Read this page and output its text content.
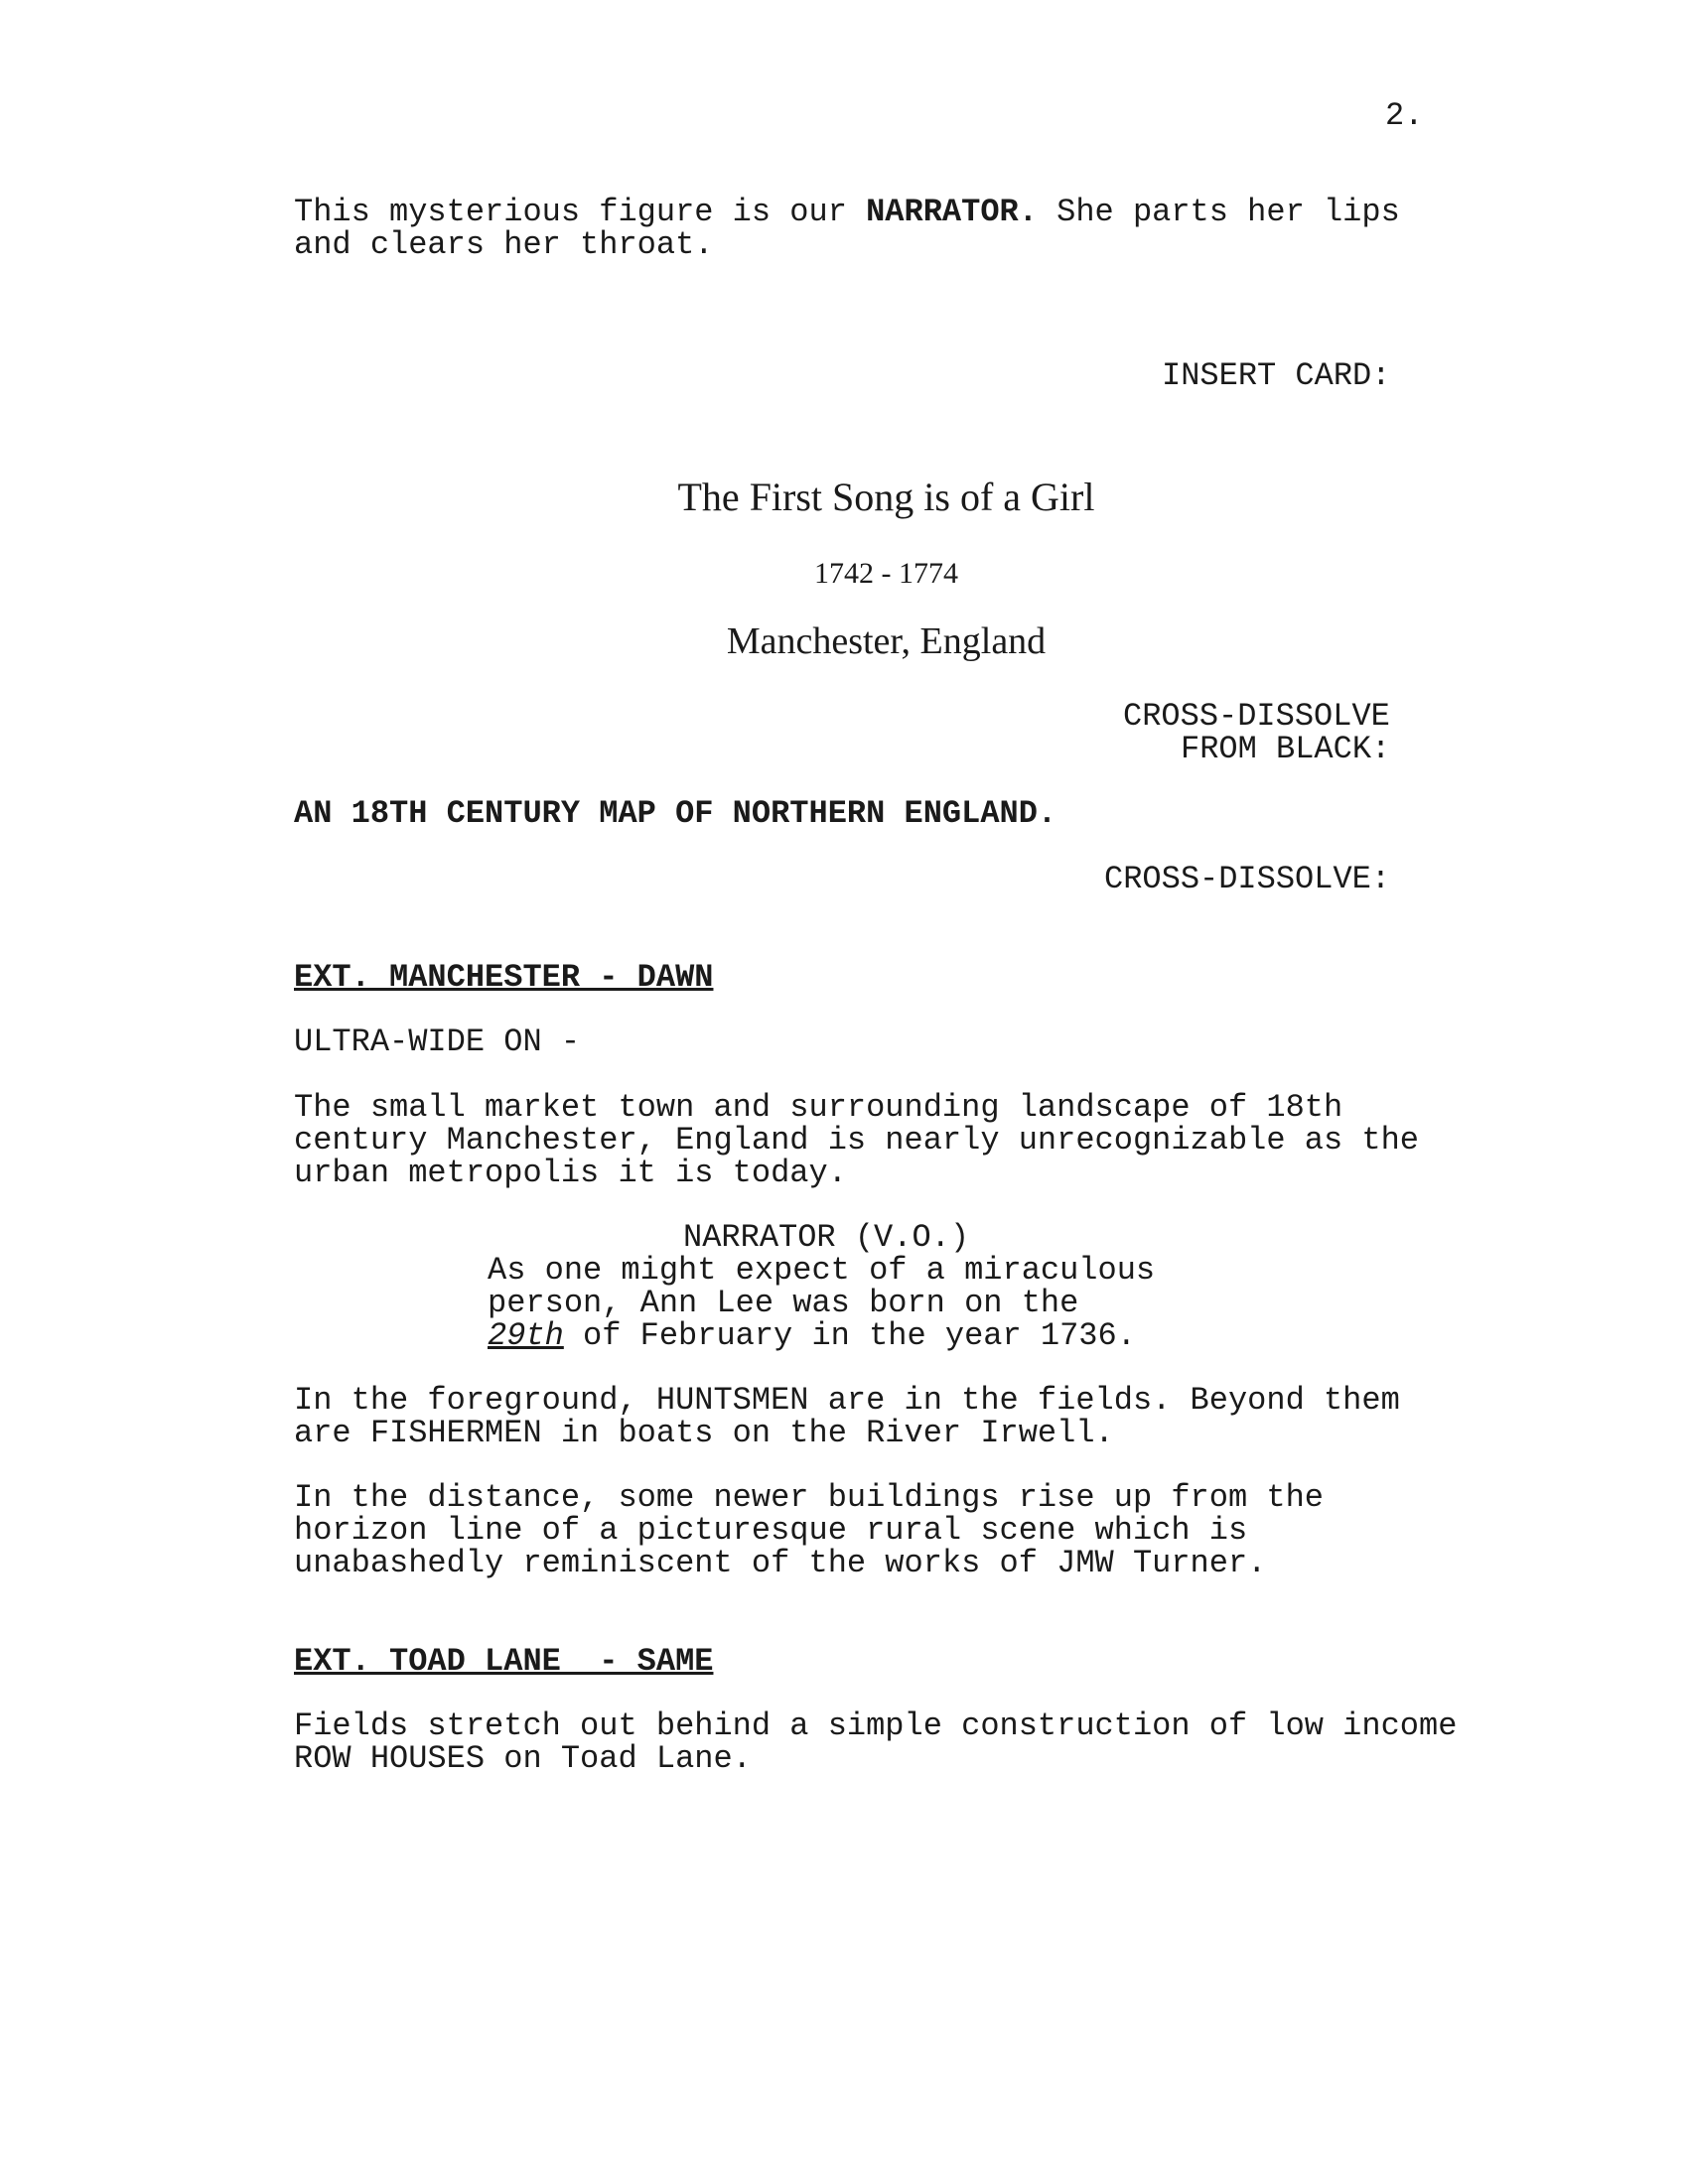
2.

This mysterious figure is our NARRATOR. She parts her lips

and clears her throat.

INSERT CARD:

The First Song is of a Girl

1742 - 1774

Manchester, England

CROSS-DISSOLVE

FROM BLACK:

AN 18TH CENTURY MAP OF NORTHERN ENGLAND.

CROSS-DISSOLVE:

EXT. MANCHESTER - DAWN

ULTRA-WIDE ON -

The small market town and surrounding landscape of 18th

century Manchester, England is nearly unrecognizable as the

urban metropolis it is today.

NARRATOR (V.O.)

As one might expect of a miraculous

person, Ann Lee was born on the

29th of February in the year 1736.

In the foreground, HUNTSMEN are in the fields. Beyond them

are FISHERMEN in boats on the River Irwell.

In the distance, some newer buildings rise up from the

horizon line of a picturesque rural scene which is

unabashedly reminiscent of the works of JMW Turner.

EXT. TOAD LANE  - SAME

Fields stretch out behind a simple construction of low income

ROW HOUSES on Toad Lane.
